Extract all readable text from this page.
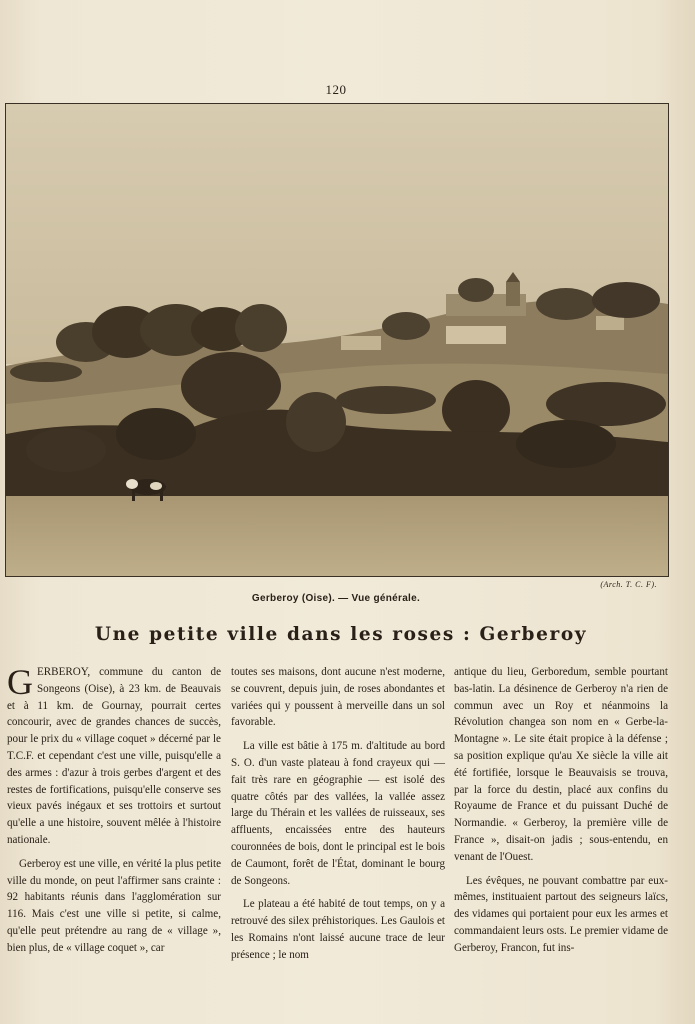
120
(Arch. T. C. F).
Gerberoy (Oise). — Vue générale.
Une petite ville dans les roses : Gerberoy

GERBEROY, commune du canton de Songeons (Oise), à 23 km. de Beauvais et à 11 km. de Gournay, pourrait certes concourir, avec de grandes chances de succès, pour le prix du « village coquet » décerné par le T.C.F. et cependant c'est une ville, puisqu'elle a des armes : d'azur à trois gerbes d'argent et des restes de fortifications, puisqu'elle conserve ses vieux pavés inégaux et ses trottoirs et surtout qu'elle a une histoire, souvent mêlée à l'histoire nationale.

Gerberoy est une ville, en vérité la plus petite ville du monde, on peut l'affirmer sans crainte : 92 habitants réunis dans l'agglomération sur 116. Mais c'est une ville si petite, si calme, qu'elle peut prétendre au rang de « village », bien plus, de « village coquet », car

toutes ses maisons, dont aucune n'est moderne, se couvrent, depuis juin, de roses abondantes et variées qui y poussent à merveille dans un sol favorable.

La ville est bâtie à 175 m. d'altitude au bord S. O. d'un vaste plateau à fond crayeux qui — fait très rare en géographie — est isolé des quatre côtés par des vallées, la vallée assez large du Thérain et les vallées de ruisseaux, ses affluents, encaissées entre des hauteurs couronnées de bois, dont le principal est le bois de Caumont, forêt de l'État, dominant le bourg de Songeons.

Le plateau a été habité de tout temps, on y a retrouvé des silex préhistoriques. Les Gaulois et les Romains n'ont laissé aucune trace de leur présence ; le nom

antique du lieu, Gerboredum, semble pourtant bas-latin. La désinence de Gerberoy n'a rien de commun avec un Roy et néanmoins la Révolution changea son nom en « Gerbe-la-Montagne ». Le site était propice à la défense ; sa position explique qu'au Xe siècle la ville ait été fortifiée, lorsque le Beauvaisis se trouva, par la force du destin, placé aux confins du Royaume de France et du puissant Duché de Normandie. « Gerberoy, la première ville de France », disait-on jadis ; sous-entendu, en venant de l'Ouest.

Les évêques, ne pouvant combattre par eux-mêmes, instituaient partout des seigneurs laïcs, des vidames qui portaient pour eux les armes et commandaient leurs osts. Le premier vidame de Gerberoy, Francon, fut ins-
